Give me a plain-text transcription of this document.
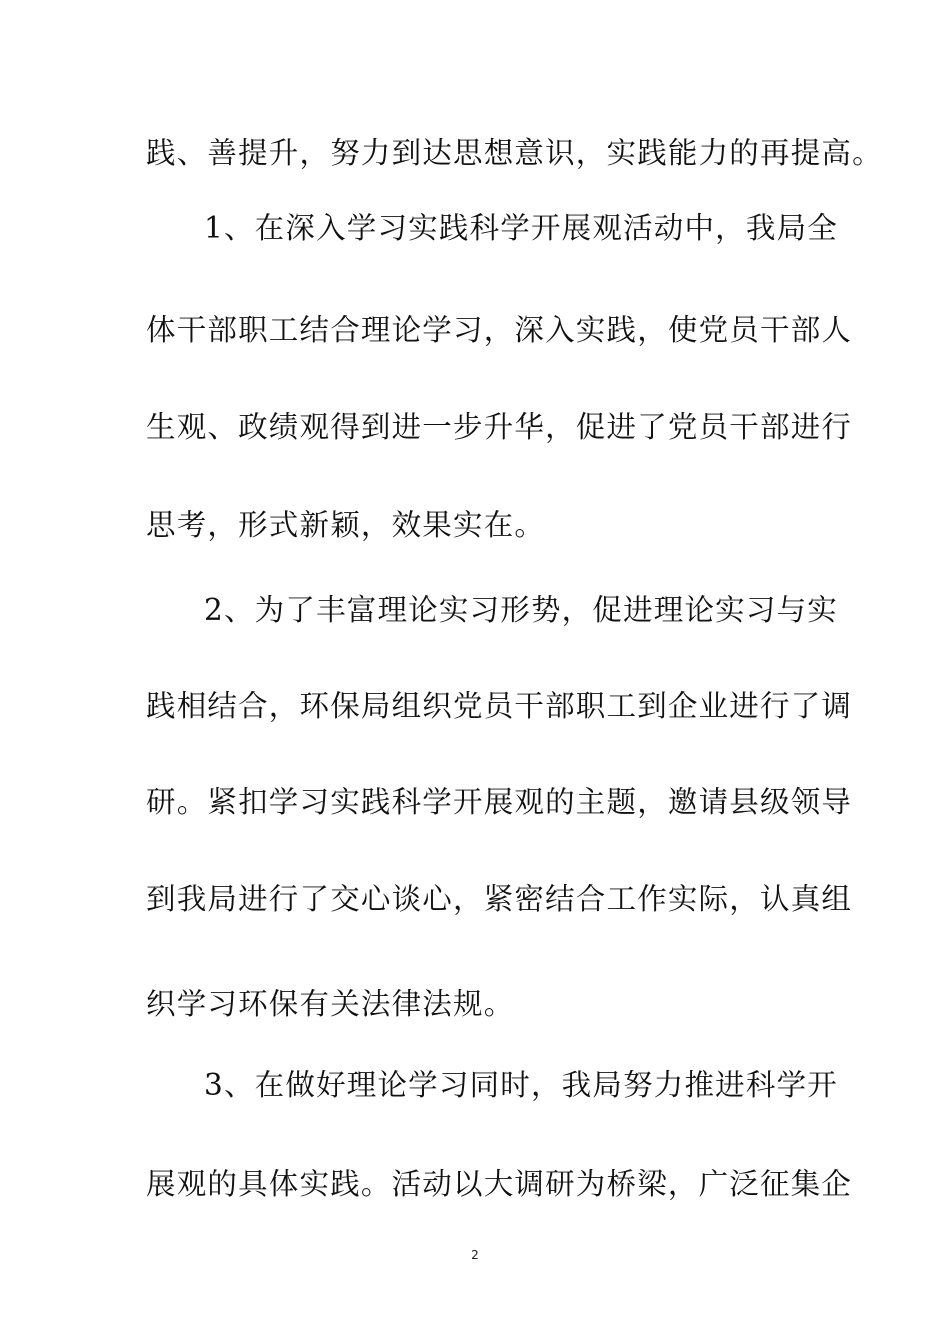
践、善提升，努力到达思想意识，实践能力的再提高。
1、在深入学习实践科学开展观活动中，我局全
体干部职工结合理论学习，深入实践，使党员干部人
生观、政绩观得到进一步升华，促进了党员干部进行
思考，形式新颖，效果实在。
2、为了丰富理论实习形势，促进理论实习与实
践相结合，环保局组织党员干部职工到企业进行了调
研。紧扣学习实践科学开展观的主题，邀请县级领导
到我局进行了交心谈心，紧密结合工作实际，认真组
织学习环保有关法律法规。
3、在做好理论学习同时，我局努力推进科学开
展观的具体实践。活动以大调研为桥梁，广泛征集企
2
